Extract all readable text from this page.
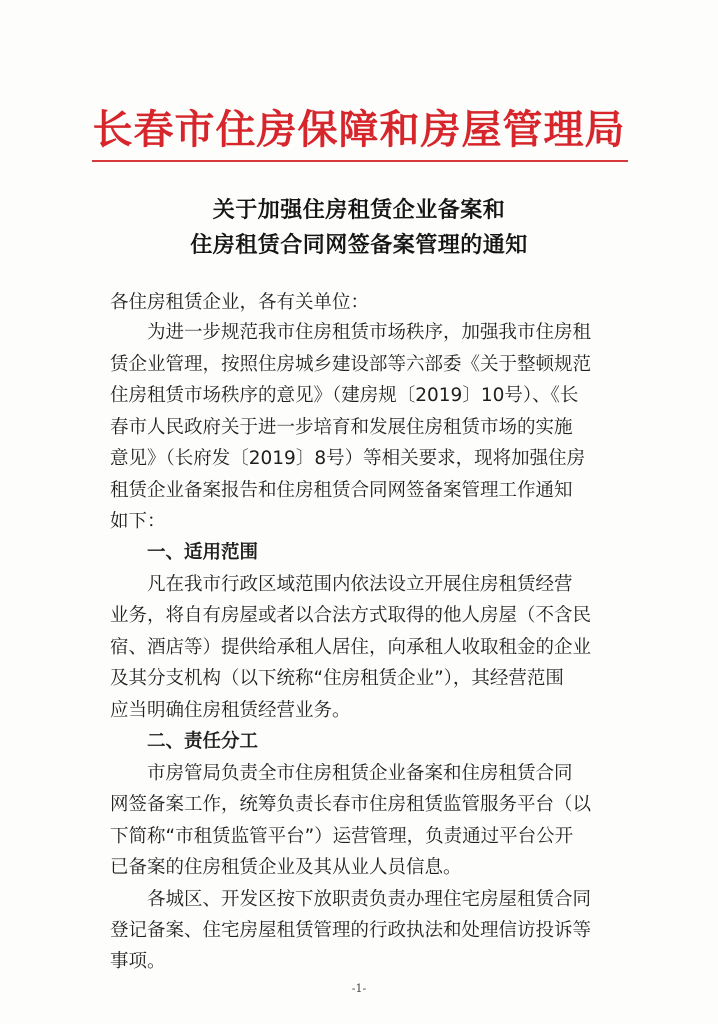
长春市住房保障和房屋管理局
关于加强住房租赁企业备案和
住房租赁合同网签备案管理的通知
各住房租赁企业，各有关单位：
为进一步规范我市住房租赁市场秩序，加强我市住房租
赁企业管理，按照住房城乡建设部等六部委《关于整顿规范
住房租赁市场秩序的意见》（建房规〔2019〕10号）、《长
春市人民政府关于进一步培育和发展住房租赁市场的实施
意见》（长府发〔2019〕8号）等相关要求，现将加强住房
租赁企业备案报告和住房租赁合同网签备案管理工作通知
如下：
一、适用范围
凡在我市行政区域范围内依法设立开展住房租赁经营
业务，将自有房屋或者以合法方式取得的他人房屋（不含民
宿、酒店等）提供给承租人居住，向承租人收取租金的企业
及其分支机构（以下统称“住房租赁企业”），其经营范围
应当明确住房租赁经营业务。
二、责任分工
市房管局负责全市住房租赁企业备案和住房租赁合同
网签备案工作，统筹负责长春市住房租赁监管服务平台（以
下简称“市租赁监管平台”）运营管理，负责通过平台公开
已备案的住房租赁企业及其从业人员信息。
各城区、开发区按下放职责负责办理住宅房屋租赁合同
登记备案、住宅房屋租赁管理的行政执法和处理信访投诉等
事项。
-1-
